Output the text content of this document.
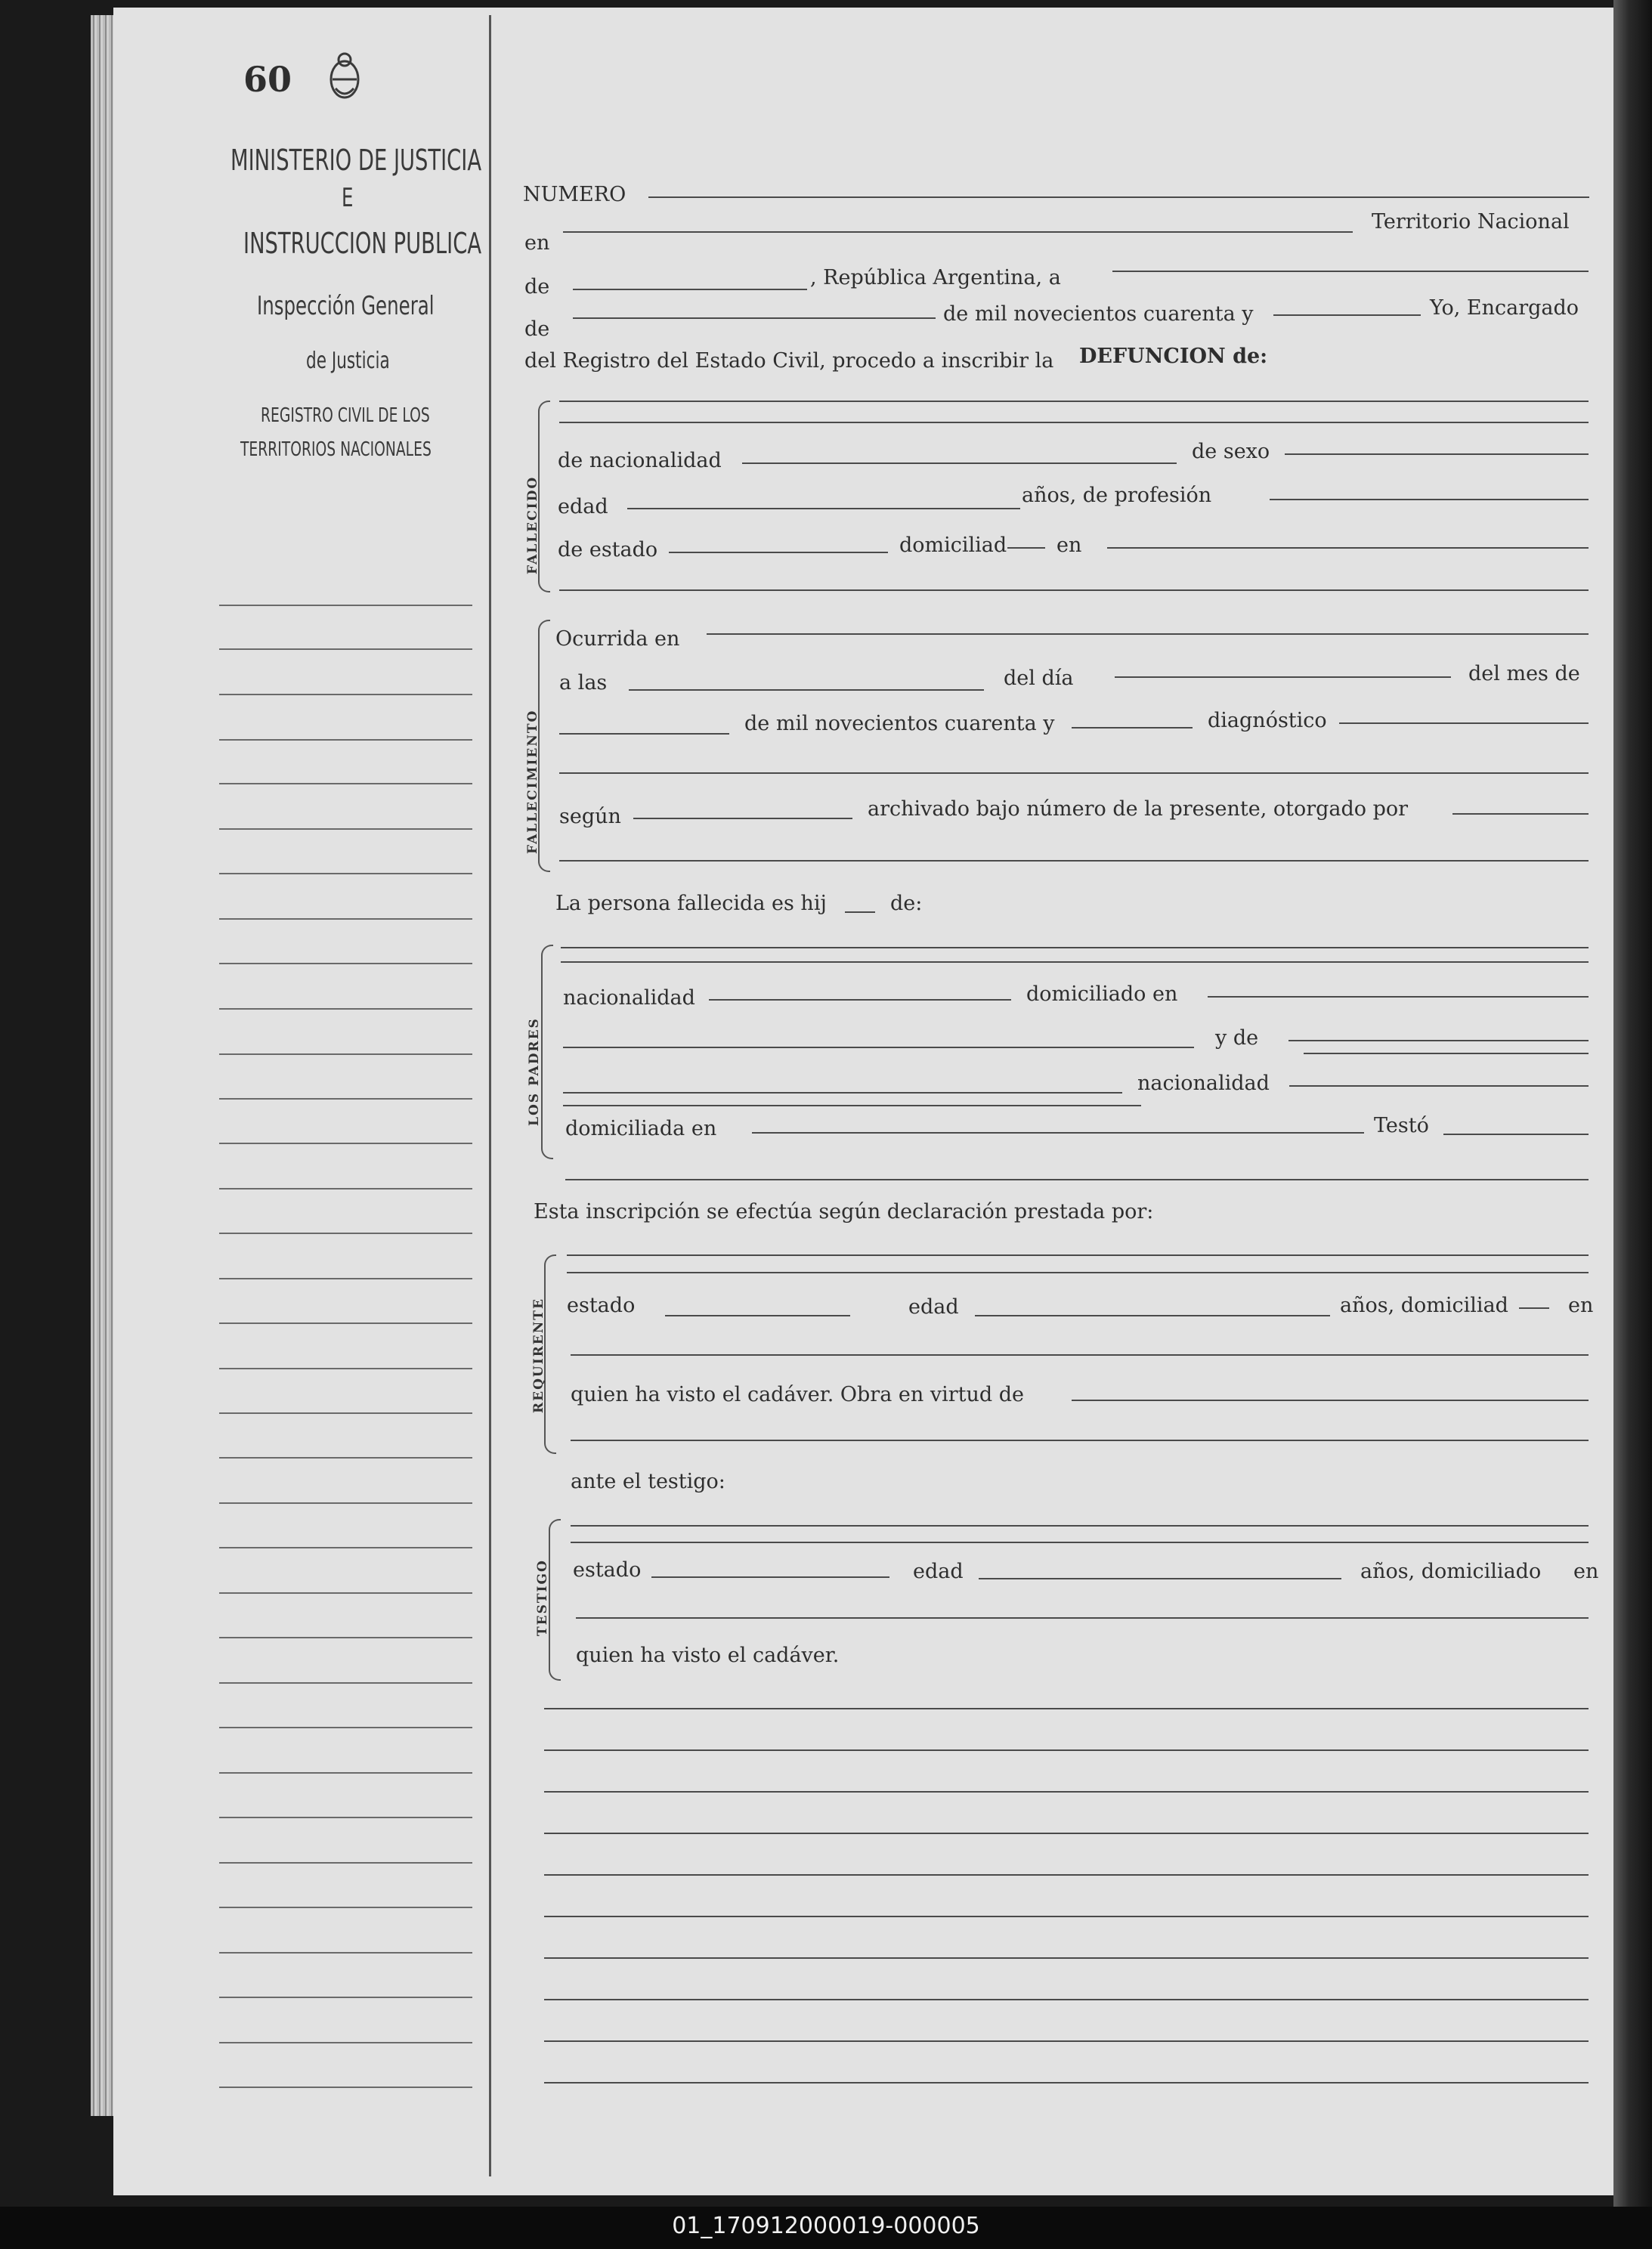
60
MINISTERIO DE JUSTICIA
E
INSTRUCCION PUBLICA
Inspección General
de Justicia
REGISTRO CIVIL DE LOS
TERRITORIOS NACIONALES
NUMERO
en
Territorio Nacional
de	, República Argentina, a
de
de mil novecientos cuarenta y	Yo, Encargado
del Registro del Estado Civil, procedo a inscribir la DEFUNCION de:
FALLECIDO
de nacionalidad	de sexo
edad	años, de profesión
de estado	domiciliad en
Ocurrida en
FALLECIMIENTO
a las	del día	del mes de
de mil novecientos cuarenta y	diagnóstico
según	archivado bajo número de la presente, otorgado por
La persona fallecida es hij	de:
LOS PADRES
nacionalidad	domiciliado en
y de
nacionalidad
domiciliada en	Testó
Esta inscripción se efectúa según declaración prestada por:
REQUIRENTE estado	edad	años, domiciliad	en
quien ha visto el cadáver. Obra en virtud de
ante el testigo:
TESTIGO estado	edad	años, domiciliado en
quien ha visto el cadáver.
01_170912000019-000005
